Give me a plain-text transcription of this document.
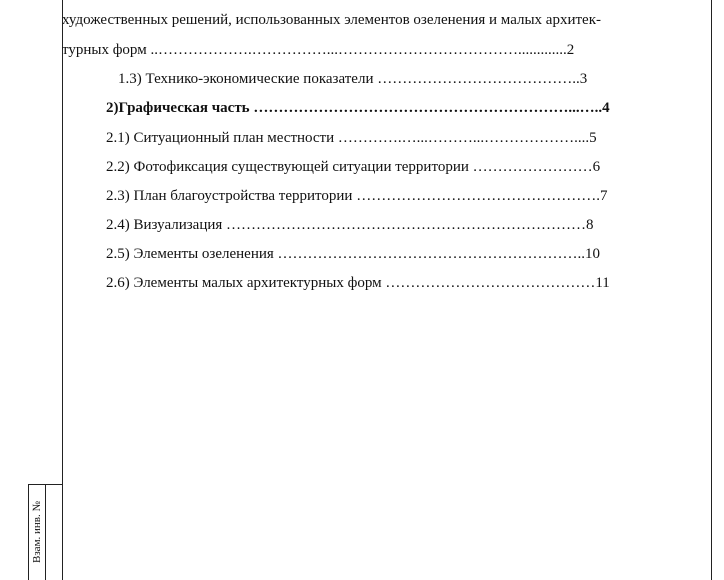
художественных решений, использованных элементов озеленения и малых архитек-
турных форм ..……………….……………...……………………………….............2
1.3) Технико-экономические показатели …………………………………..3
2)Графическая часть ………………………………………………………...…..4
2.1) Ситуационный план местности ………….…...………...………………....5
2.2) Фотофиксация существующей ситуации территории ……………………6
2.3) План благоустройства территории ………………………………………….7
2.4) Визуализация ………………………………………………………………8
2.5) Элементы озеленения ……………………………………………………..10
2.6) Элементы малых архитектурных форм ……………………………………11
Взам. инв. №
